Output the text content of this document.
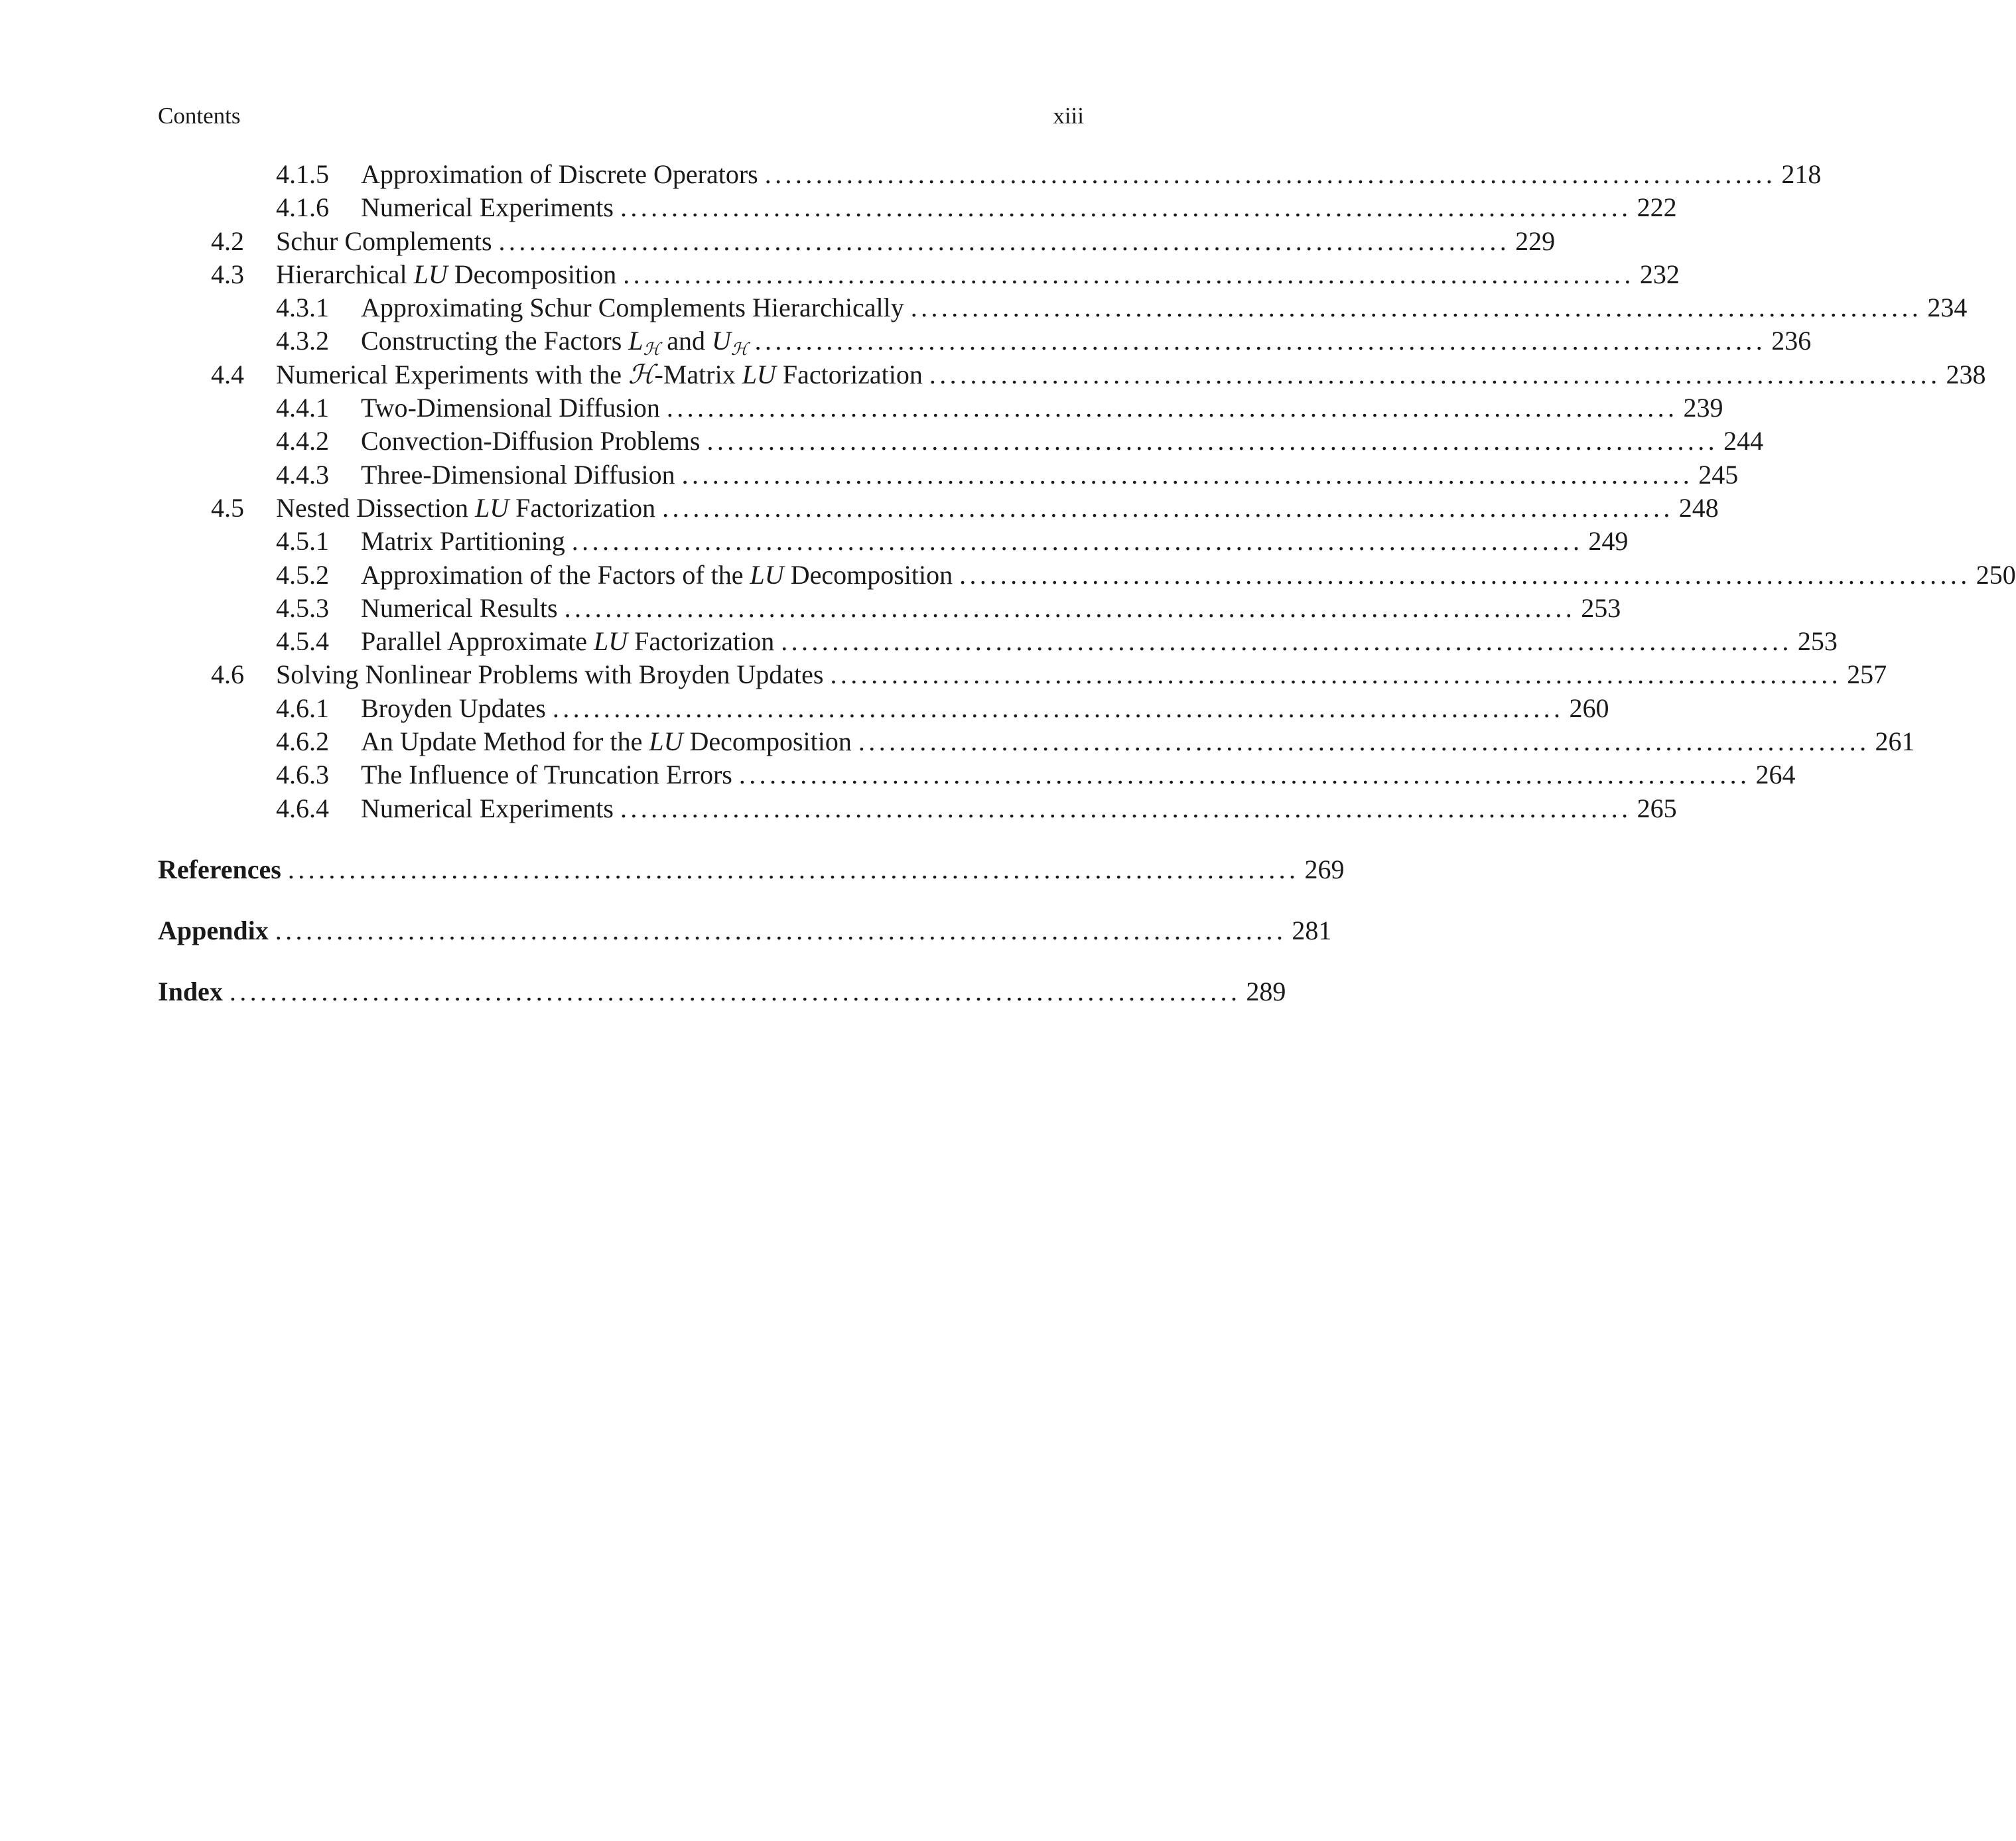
Contents	xiii
4.1.5	Approximation of Discrete Operators ................................................................................................... 218
4.1.6	Numerical Experiments ................................................................................................... 222
4.2	Schur Complements ................................................................................................... 229
4.3	Hierarchical LU Decomposition ................................................................................................... 232
4.3.1	Approximating Schur Complements Hierarchically ................................................................................................... 234
4.3.2	Constructing the Factors $L_ℋ$ and $U_ℋ$ ................................................................................................... 236
4.4	Numerical Experiments with the ℋ-Matrix LU Factorization ................................................................................................... 238
4.4.1	Two-Dimensional Diffusion ................................................................................................... 239
4.4.2	Convection-Diffusion Problems ................................................................................................... 244
4.4.3	Three-Dimensional Diffusion ................................................................................................... 245
4.5	Nested Dissection LU Factorization ................................................................................................... 248
4.5.1	Matrix Partitioning ................................................................................................... 249
4.5.2	Approximation of the Factors of the LU Decomposition ................................................................................................... 250
4.5.3	Numerical Results ................................................................................................... 253
4.5.4	Parallel Approximate LU Factorization ................................................................................................... 253
4.6	Solving Nonlinear Problems with Broyden Updates ................................................................................................... 257
4.6.1	Broyden Updates ................................................................................................... 260
4.6.2	An Update Method for the LU Decomposition ................................................................................................... 261
4.6.3	The Influence of Truncation Errors ................................................................................................... 264
4.6.4	Numerical Experiments ................................................................................................... 265
References ................................................................................................... 269
Appendix ................................................................................................... 281
Index ................................................................................................... 289
